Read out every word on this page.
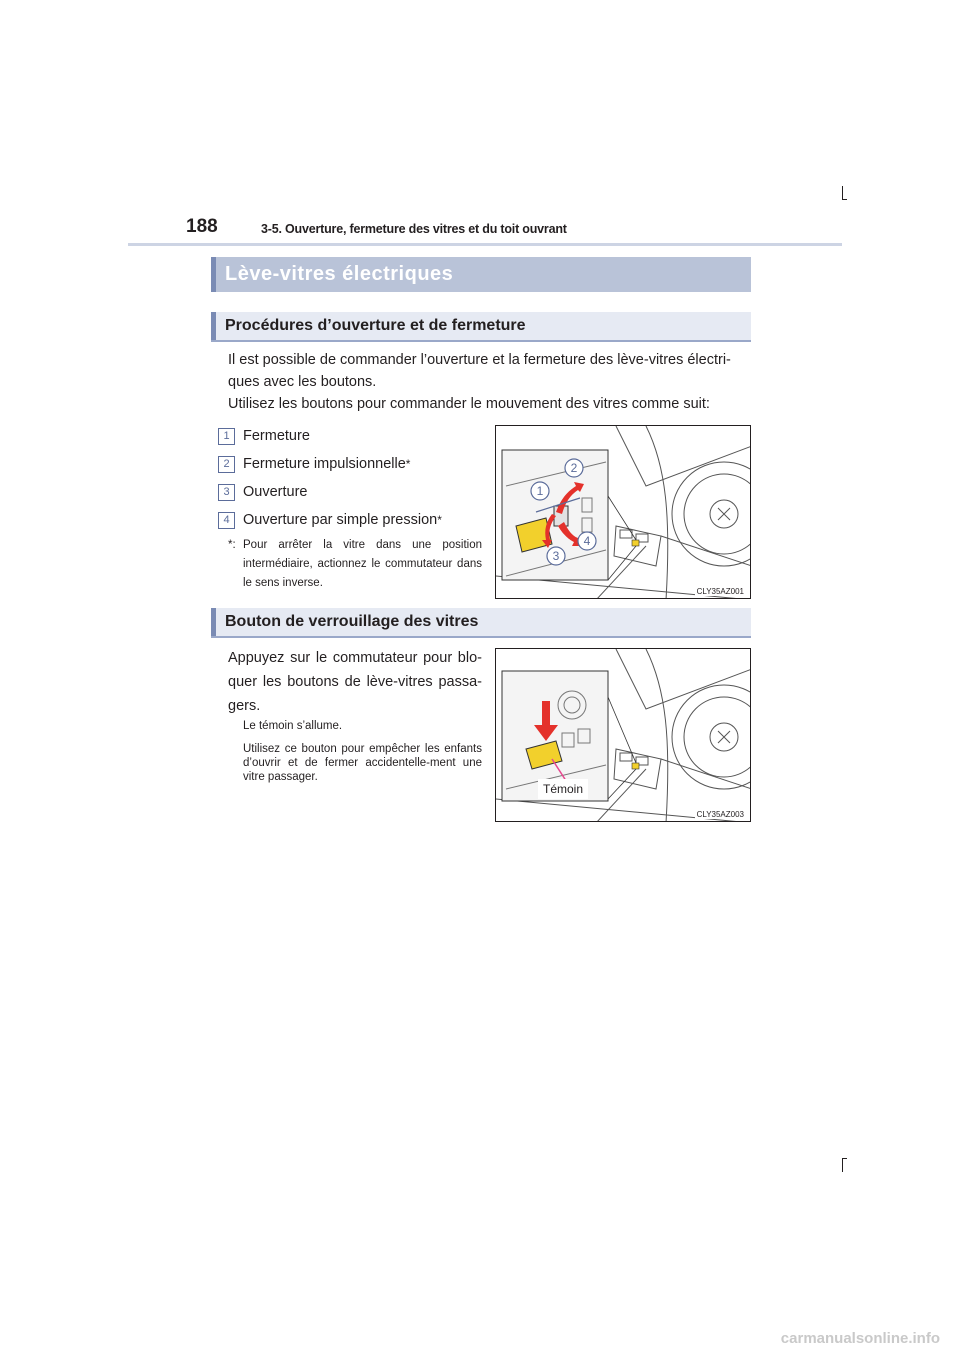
188	3-5. Ouverture, fermeture des vitres et du toit ouvrant
Lève-vitres électriques
Procédures d’ouverture et de fermeture
Il est possible de commander l’ouverture et la fermeture des lève-vitres électri-
ques avec les boutons.
Utilisez les boutons pour commander le mouvement des vitres comme suit:
1 Fermeture
2 Fermeture impulsionnelle *
3 Ouverture
4 Ouverture par simple pression *
*: Pour arrêter la vitre dans une position intermédiaire, actionnez le commutateur dans le sens inverse.
1
2
3
4
CLY35AZ001
Bouton de verrouillage des vitres
Appuyez sur le commutateur pour blo-quer les boutons de lève-vitres passa-gers.
Le témoin s’allume.
Utilisez ce bouton pour empêcher les enfants d’ouvrir et de fermer accidentelle-ment une vitre passager.
Témoin
CLY35AZ003
carmanualsonline.info
